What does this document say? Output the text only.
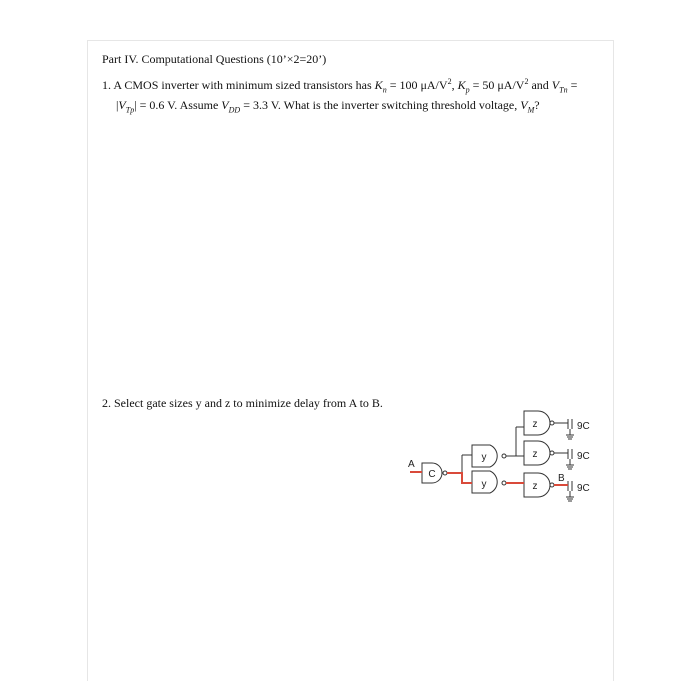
Part IV. Computational Questions (10’×2=20’)
1. A CMOS inverter with minimum sized transistors has $K_n = 100$ $\mu A/V^2$, $K_p = 50$ $\mu A/V^2$ and $V_{Tn}$ =
$|V_{Tp}| = 0.6$ V. Assume $V_{DD} = 3.3$ V. What is the inverter switching threshold voltage, $V_M$?
2. Select gate sizes y and z to minimize delay from A to B.
A
C
y
y
z
z
z
B
9C
9C
9C
